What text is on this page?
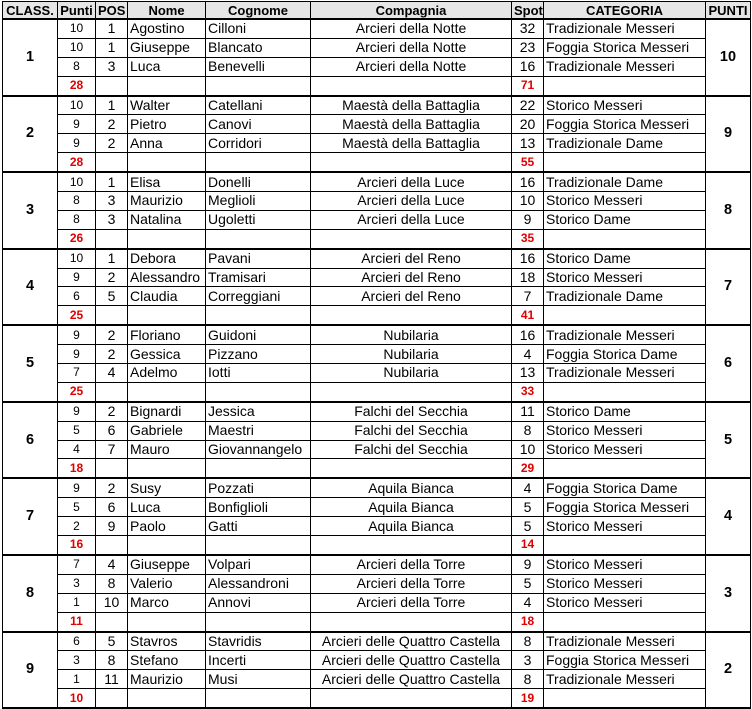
CLASS.	Punti	POS	Nome	Cognome	Compagnia	Spot	CATEGORIA	PUNTI
1	10	1	Agostino	Cilloni	Arcieri della Notte	32	Tradizionale Messeri	10
	10	1	Giuseppe	Blancato	Arcieri della Notte	23	Foggia Storica Messeri	
	8	3	Luca	Benevelli	Arcieri della Notte	16	Tradizionale Messeri	
	28					71		
2	10	1	Walter	Catellani	Maestà della Battaglia	22	Storico Messeri	9
	9	2	Pietro	Canovi	Maestà della Battaglia	20	Foggia Storica Messeri	
	9	2	Anna	Corridori	Maestà della Battaglia	13	Tradizionale Dame	
	28					55		
3	10	1	Elisa	Donelli	Arcieri della Luce	16	Tradizionale Dame	8
	8	3	Maurizio	Meglioli	Arcieri della Luce	10	Storico Messeri	
	8	3	Natalina	Ugoletti	Arcieri della Luce	9	Storico Dame	
	26					35		
4	10	1	Debora	Pavani	Arcieri del Reno	16	Storico Dame	7
	9	2	Alessandro	Tramisari	Arcieri del Reno	18	Storico Messeri	
	6	5	Claudia	Correggiani	Arcieri del Reno	7	Tradizionale Dame	
	25					41		
5	9	2	Floriano	Guidoni	Nubilaria	16	Tradizionale Messeri	6
	9	2	Gessica	Pizzano	Nubilaria	4	Foggia Storica Dame	
	7	4	Adelmo	Iotti	Nubilaria	13	Tradizionale Messeri	
	25					33		
6	9	2	Bignardi	Jessica	Falchi del Secchia	11	Storico Dame	5
	5	6	Gabriele	Maestri	Falchi del Secchia	8	Storico Messeri	
	4	7	Mauro	Giovannangelo	Falchi del Secchia	10	Storico Messeri	
	18					29		
7	9	2	Susy	Pozzati	Aquila Bianca	4	Foggia Storica Dame	4
	5	6	Luca	Bonfiglioli	Aquila Bianca	5	Foggia Storica Messeri	
	2	9	Paolo	Gatti	Aquila Bianca	5	Storico Messeri	
	16					14		
8	7	4	Giuseppe	Volpari	Arcieri della Torre	9	Storico Messeri	3
	3	8	Valerio	Alessandroni	Arcieri della Torre	5	Storico Messeri	
	1	10	Marco	Annovi	Arcieri della Torre	4	Storico Messeri	
	11					18		
9	6	5	Stavros	Stavridis	Arcieri delle Quattro Castella	8	Tradizionale Messeri	2
	3	8	Stefano	Incerti	Arcieri delle Quattro Castella	3	Foggia Storica Messeri	
	1	11	Maurizio	Musi	Arcieri delle Quattro Castella	8	Tradizionale Messeri	
	10					19		
